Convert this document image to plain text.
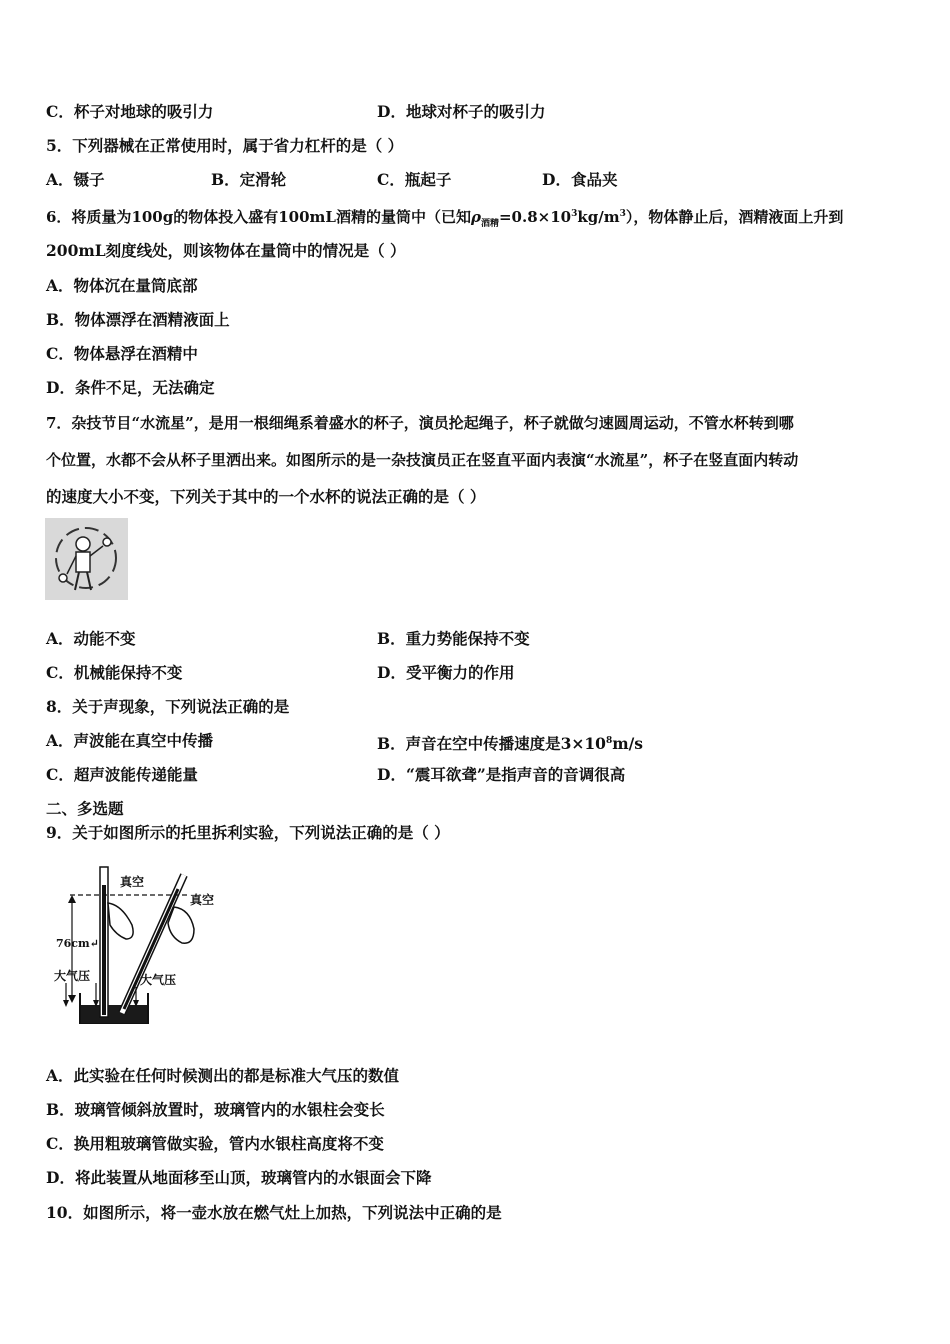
C．杯子对地球的吸引力	D．地球对杯子的吸引力
5．下列器械在正常使用时，属于省力杠杆的是（ ）
A．镊子	B．定滑轮	C．瓶起子	D．食品夹
6．将质量为100g的物体投入盛有100mL酒精的量筒中（已知$\rho_{酒精}=0.8\times 10^3kg/m^3$），物体静止后，酒精液面上升到
200mL刻度线处，则该物体在量筒中的情况是（ ）
A．物体沉在量筒底部
B．物体漂浮在酒精液面上
C．物体悬浮在酒精中
D．条件不足，无法确定
7．杂技节目“水流星”，是用一根细绳系着盛水的杯子，演员抡起绳子，杯子就做匀速圆周运动，不管水杯转到哪
个位置，水都不会从杯子里洒出来。如图所示的是一杂技演员正在竖直平面内表演“水流星”，杯子在竖直面内转动
的速度大小不变，下列关于其中的一个水杯的说法正确的是（ ）
A．动能不变	B．重力势能保持不变
C．机械能保持不变	D．受平衡力的作用
8．关于声现象，下列说法正确的是
A．声波能在真空中传播	B．声音在空中传播速度是$3\times 10^8m/s$
C．超声波能传递能量	D．“震耳欲聋”是指声音的音调很高
二、多选题
9．关于如图所示的托里拆利实验，下列说法正确的是（ ）
真空
真空
76cm↵
大气压	大气压
A．此实验在任何时候测出的都是标准大气压的数值
B．玻璃管倾斜放置时，玻璃管内的水银柱会变长
C．换用粗玻璃管做实验，管内水银柱高度将不变
D．将此装置从地面移至山顶，玻璃管内的水银面会下降
10．如图所示，将一壶水放在燃气灶上加热，下列说法中正确的是
